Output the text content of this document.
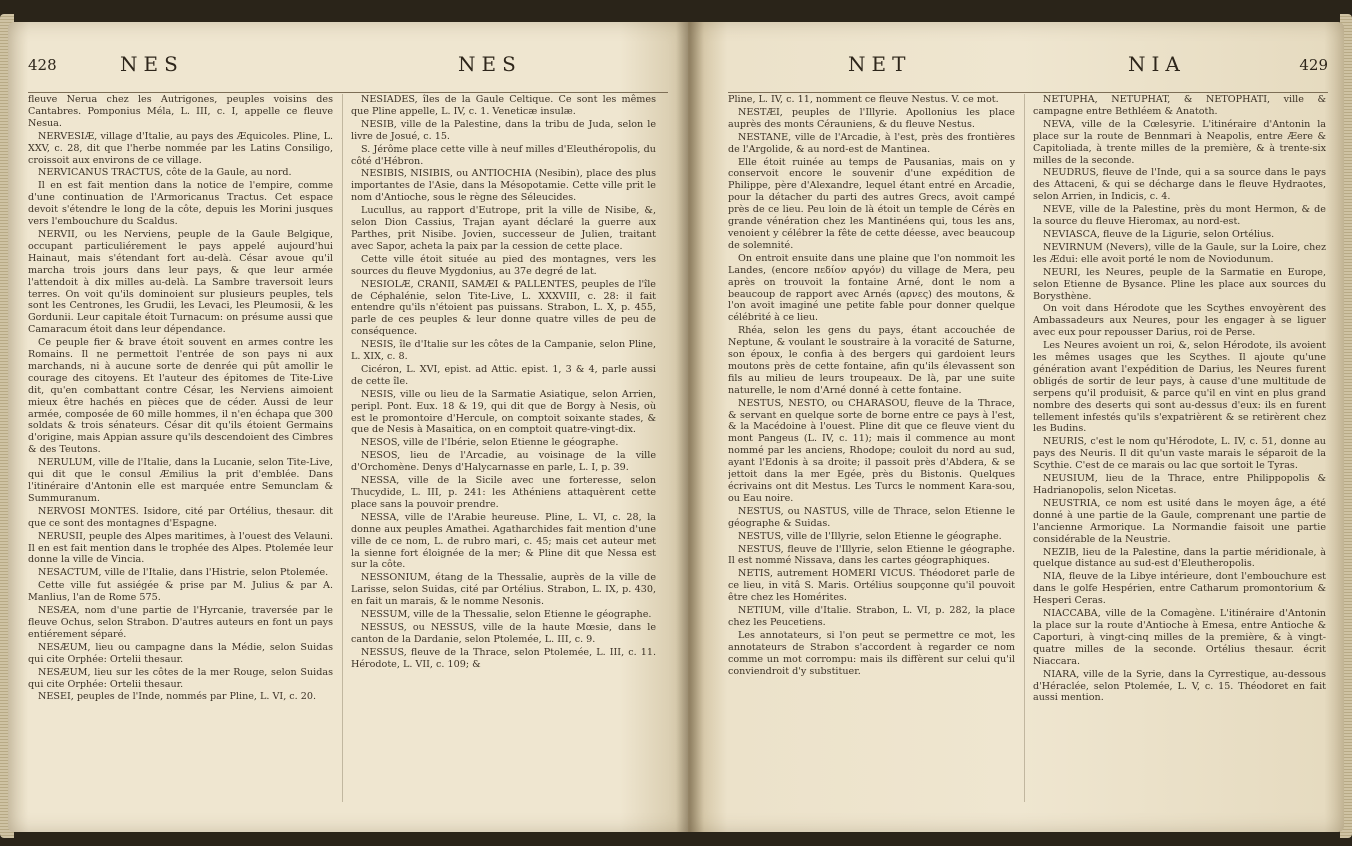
428	NES	NES

fleuve Nerua chez les Autrigones, peuples voisins des Cantabres. Pomponius Méla, L. III, c. I, appelle ce fleuve Nesua.

NERVESIÆ, village d'Italie, au pays des Æquicoles. Pline, L. XXV, c. 28, dit que l'herbe nommée par les Latins Consiligo, croissoit aux environs de ce village.

NERVICANUS TRACTUS, côte de la Gaule, au nord.

Il en est fait mention dans la notice de l'empire, comme d'une continuation de l'Armoricanus Tractus. Cet espace devoit s'étendre le long de la côte, depuis les Morini jusques vers l'embouchure du Scaldus.

NERVII, ou les Nerviens, peuple de la Gaule Belgique, occupant particuliérement le pays appelé aujourd'hui Hainaut, mais s'étendant fort au-delà. César avoue qu'il marcha trois jours dans leur pays, & que leur armée l'attendoit à dix milles au-delà. La Sambre traversoit leurs terres. On voit qu'ils dominoient sur plusieurs peuples, tels sont les Centrones, les Grudii, les Levaci, les Pleumosii, & les Gordunii. Leur capitale étoit Turnacum: on présume aussi que Camaracum étoit dans leur dépendance.

Ce peuple fier & brave étoit souvent en armes contre les Romains. Il ne permettoit l'entrée de son pays ni aux marchands, ni à aucune sorte de denrée qui pût amollir le courage des citoyens. Et l'auteur des épitomes de Tite-Live dit, qu'en combattant contre César, les Nerviens aimoient mieux être hachés en pièces que de céder. Aussi de leur armée, composée de 60 mille hommes, il n'en échapa que 300 soldats & trois sénateurs. César dit qu'ils étoient Germains d'origine, mais Appian assure qu'ils descendoient des Cimbres & des Teutons.

NERULUM, ville de l'Italie, dans la Lucanie, selon Tite-Live, qui dit que le consul Æmilius la prit d'emblée. Dans l'itinéraire d'Antonin elle est marquée entre Semunclam & Summuranum.

NERVOSI MONTES. Isidore, cité par Ortélius, thesaur. dit que ce sont des montagnes d'Espagne.

NERUSII, peuple des Alpes maritimes, à l'ouest des Velauni. Il en est fait mention dans le trophée des Alpes. Ptolemée leur donne la ville de Vincia.

NESACTUM, ville de l'Italie, dans l'Histrie, selon Ptolemée.

Cette ville fut assiégée & prise par M. Julius & par A. Manlius, l'an de Rome 575.

NESÆA, nom d'une partie de l'Hyrcanie, traversée par le fleuve Ochus, selon Strabon. D'autres auteurs en font un pays entiérement séparé.

NESÆUM, lieu ou campagne dans la Médie, selon Suidas qui cite Orphée: Ortelii thesaur.

NESÆUM, lieu sur les côtes de la mer Rouge, selon Suidas qui cite Orphée: Ortelii thesaur.

NESEI, peuples de l'Inde, nommés par Pline, L. VI, c. 20.

NESIADES, îles de la Gaule Celtique. Ce sont les mêmes que Pline appelle, L. IV, c. 1. Veneticæ insulæ.

NESIB, ville de la Palestine, dans la tribu de Juda, selon le livre de Josué, c. 15.

S. Jérôme place cette ville à neuf milles d'Eleuthéropolis, du côté d'Hébron.

NESIBIS, NISIBIS, ou ANTIOCHIA (Nesibin), place des plus importantes de l'Asie, dans la Mésopotamie. Cette ville prit le nom d'Antioche, sous le règne des Séleucides.

Lucullus, au rapport d'Eutrope, prit la ville de Nisibe, &, selon Dion Cassius, Trajan ayant déclaré la guerre aux Parthes, prit Nisibe. Jovien, successeur de Julien, traitant avec Sapor, acheta la paix par la cession de cette place.

Cette ville étoit située au pied des montagnes, vers les sources du fleuve Mygdonius, au 37e degré de lat.

NESIOLÆ, CRANII, SAMÆI & PALLENTES, peuples de l'île de Céphalénie, selon Tite-Live, L. XXXVIII, c. 28: il fait entendre qu'ils n'étoient pas puissans. Strabon, L. X, p. 455, parle de ces peuples & leur donne quatre villes de peu de conséquence.

NESIS, île d'Italie sur les côtes de la Campanie, selon Pline, L. XIX, c. 8.

Cicéron, L. XVI, epist. ad Attic. epist. 1, 3 & 4, parle aussi de cette île.

NESIS, ville ou lieu de la Sarmatie Asiatique, selon Arrien, peripl. Pont. Eux. 18 & 19, qui dit que de Borgy à Nesis, où est le promontoire d'Hercule, on comptoit soixante stades, & que de Nesis à Masaitica, on en comptoit quatre-vingt-dix.

NESOS, ville de l'Ibérie, selon Etienne le géographe.

NESOS, lieu de l'Arcadie, au voisinage de la ville d'Orchomène. Denys d'Halycarnasse en parle, L. I, p. 39.

NESSA, ville de la Sicile avec une forteresse, selon Thucydide, L. III, p. 241: les Athéniens attaquèrent cette place sans la pouvoir prendre.

NESSA, ville de l'Arabie heureuse. Pline, L. VI, c. 28, la donne aux peuples Amathei. Agatharchides fait mention d'une ville de ce nom, L. de rubro mari, c. 45; mais cet auteur met la sienne fort éloignée de la mer; & Pline dit que Nessa est sur la côte.

NESSONIUM, étang de la Thessalie, auprès de la ville de Larisse, selon Suidas, cité par Ortélius. Strabon, L. IX, p. 430, en fait un marais, & le nomme Nesonis.

NESSUM, ville de la Thessalie, selon Etienne le géographe.

NESSUS, ou NESSUS, ville de la haute Mœsie, dans le canton de la Dardanie, selon Ptolemée, L. III, c. 9.

NESSUS, fleuve de la Thrace, selon Ptolemée, L. III, c. 11. Hérodote, L. VII, c. 109; &

NET	NIA	429

Pline, L. IV, c. 11, nomment ce fleuve Nestus. V. ce mot.

NESTÆI, peuples de l'Illyrie. Apollonius les place auprès des monts Cérauniens, & du fleuve Nestus.

NESTANE, ville de l'Arcadie, à l'est, près des frontières de l'Argolide, & au nord-est de Mantinea.

Elle étoit ruinée au temps de Pausanias, mais on y conservoit encore le souvenir d'une expédition de Philippe, père d'Alexandre, lequel étant entré en Arcadie, pour la détacher du parti des autres Grecs, avoit campé près de ce lieu. Peu loin de là étoit un temple de Cérès en grande vénération chez les Mantinéens qui, tous les ans, venoient y célébrer la fête de cette déesse, avec beaucoup de solemnité.

On entroit ensuite dans une plaine que l'on nommoit les Landes, (encore πεδίον αργόν) du village de Mera, peu après on trouvoit la fontaine Arné, dont le nom a beaucoup de rapport avec Arnés (αρνες) des moutons, & l'on avoit imaginé une petite fable pour donner quelque célébrité à ce lieu.

Rhéa, selon les gens du pays, étant accouchée de Neptune, & voulant le soustraire à la voracité de Saturne, son époux, le confia à des bergers qui gardoient leurs moutons près de cette fontaine, afin qu'ils élevassent son fils au milieu de leurs troupeaux. De là, par une suite naturelle, le nom d'Arné donné à cette fontaine.

NESTUS, NESTO, ou CHARASOU, fleuve de la Thrace, & servant en quelque sorte de borne entre ce pays à l'est, & la Macédoine à l'ouest. Pline dit que ce fleuve vient du mont Pangeus (L. IV, c. 11); mais il commence au mont nommé par les anciens, Rhodope; couloit du nord au sud, ayant l'Edonis à sa droite; il passoit près d'Abdera, & se jettoit dans la mer Egée, près du Bistonis. Quelques écrivains ont dit Mestus. Les Turcs le nomment Kara-sou, ou Eau noire.

NESTUS, ou NASTUS, ville de Thrace, selon Etienne le géographe & Suidas.

NESTUS, ville de l'Illyrie, selon Etienne le géographe.

NESTUS, fleuve de l'Illyrie, selon Etienne le géographe. Il est nommé Nissava, dans les cartes géographiques.

NETIS, autrement HOMERI VICUS. Théodoret parle de ce lieu, in vitâ S. Maris. Ortélius soupçonne qu'il pouvoit être chez les Homérites.

NETIUM, ville d'Italie. Strabon, L. VI, p. 282, la place chez les Peucetiens.

Les annotateurs, si l'on peut se permettre ce mot, les annotateurs de Strabon s'accordent à regarder ce nom comme un mot corrompu: mais ils diffèrent sur celui qu'il conviendroit d'y substituer.

NETUPHA, NETUPHAT, & NETOPHATI, ville & campagne entre Bethléem & Anatoth.

NEVA, ville de la Cœlesyrie. L'itinéraire d'Antonin la place sur la route de Bennmari à Neapolis, entre Æere & Capitoliada, à trente milles de la première, & à trente-six milles de la seconde.

NEUDRUS, fleuve de l'Inde, qui a sa source dans le pays des Attaceni, & qui se décharge dans le fleuve Hydraotes, selon Arrien, in Indicis, c. 4.

NEVE, ville de la Palestine, près du mont Hermon, & de la source du fleuve Hieromax, au nord-est.

NEVIASCA, fleuve de la Ligurie, selon Ortélius.

NEVIRNUM (Nevers), ville de la Gaule, sur la Loire, chez les Ædui: elle avoit porté le nom de Noviodunum.

NEURI, les Neures, peuple de la Sarmatie en Europe, selon Etienne de Bysance. Pline les place aux sources du Borysthène.

On voit dans Hérodote que les Scythes envoyèrent des Ambassadeurs aux Neures, pour les engager à se liguer avec eux pour repousser Darius, roi de Perse.

Les Neures avoient un roi, &, selon Hérodote, ils avoient les mêmes usages que les Scythes. Il ajoute qu'une génération avant l'expédition de Darius, les Neures furent obligés de sortir de leur pays, à cause d'une multitude de serpens qu'il produisit, & parce qu'il en vint en plus grand nombre des deserts qui sont au-dessus d'eux: ils en furent tellement infestés qu'ils s'expatrièrent & se retirèrent chez les Budins.

NEURIS, c'est le nom qu'Hérodote, L. IV, c. 51, donne au pays des Neuris. Il dit qu'un vaste marais le séparoit de la Scythie. C'est de ce marais ou lac que sortoit le Tyras.

NEUSIUM, lieu de la Thrace, entre Philippopolis & Hadrianopolis, selon Nicetas.

NEUSTRIA, ce nom est usité dans le moyen âge, a été donné à une partie de la Gaule, comprenant une partie de l'ancienne Armorique. La Normandie faisoit une partie considérable de la Neustrie.

NEZIB, lieu de la Palestine, dans la partie méridionale, à quelque distance au sud-est d'Eleutheropolis.

NIA, fleuve de la Libye intérieure, dont l'embouchure est dans le golfe Hespérien, entre Catharum promontorium & Hesperi Ceras.

NIACCABA, ville de la Comagène. L'itinéraire d'Antonin la place sur la route d'Antioche à Emesa, entre Antioche & Caporturi, à vingt-cinq milles de la première, & à vingt-quatre milles de la seconde. Ortélius thesaur. écrit Niaccara.

NIARA, ville de la Syrie, dans la Cyrrestique, au-dessous d'Héraclée, selon Ptolemée, L. V, c. 15. Théodoret en fait aussi mention.
